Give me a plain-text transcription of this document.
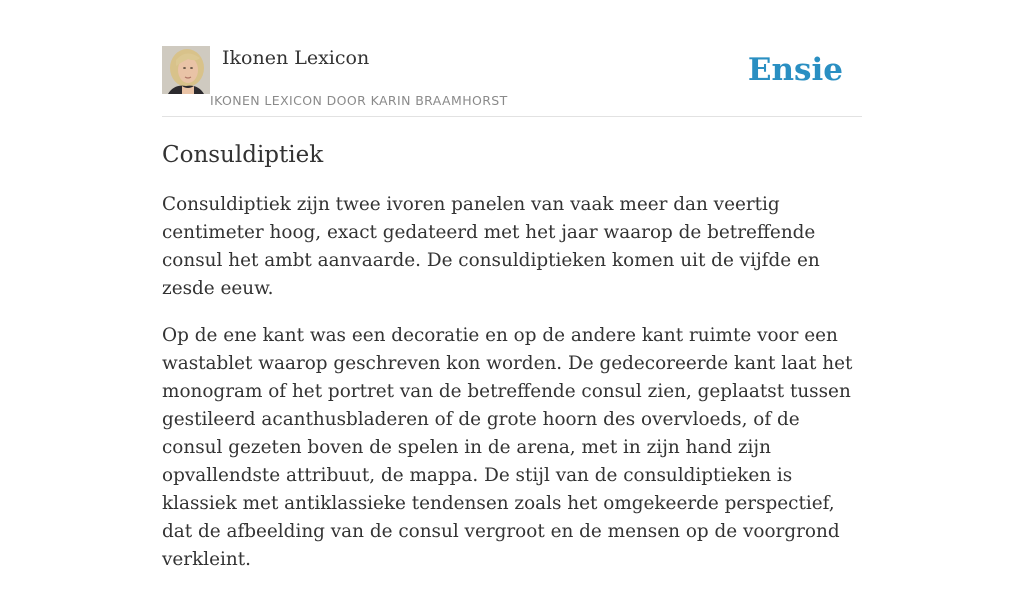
Ikonen Lexicon
IKONEN LEXICON DOOR KARIN BRAAMHORST
Ensie
Consuldiptiek

Consuldiptiek zijn twee ivoren panelen van vaak meer dan veertig centimeter hoog, exact gedateerd met het jaar waarop de betreffende consul het ambt aanvaarde. De consuldiptieken komen uit de vijfde en zesde eeuw.

Op de ene kant was een decoratie en op de andere kant ruimte voor een wastablet waarop geschreven kon worden. De gedecoreerde kant laat het monogram of het portret van de betreffende consul zien, geplaatst tussen gestileerd acanthusbladeren of de grote hoorn des overvloeds, of de consul gezeten boven de spelen in de arena, met in zijn hand zijn opvallendste attribuut, de mappa. De stijl van de consuldiptieken is klassiek met antiklassieke tendensen zoals het omgekeerde perspectief, dat de afbeelding van de consul vergroot en de mensen op de voorgrond verkleint.
